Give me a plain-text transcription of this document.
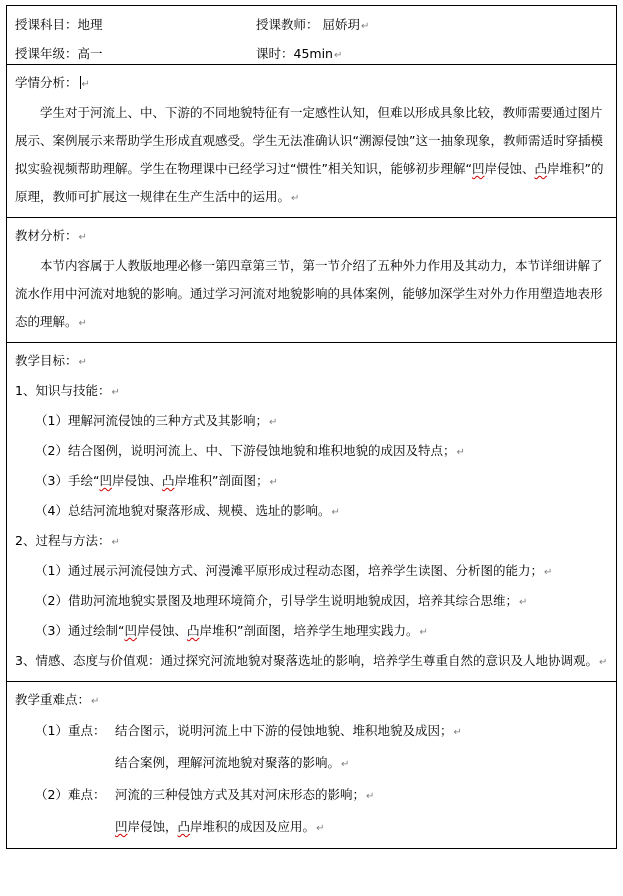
授课科目：地理	授课教师： 屈娇玥↵
授课年级：高一	课时：45min↵

学情分析： ↵

学生对于河流上、中、下游的不同地貌特征有一定感性认知，但难以形成具象比较，教师需要通过图片展示、案例展示来帮助学生形成直观感受。学生无法准确认识“溯源侵蚀”这一抽象现象，教师需适时穿插模拟实验视频帮助理解。学生在物理课中已经学习过“惯性”相关知识，能够初步理解“凹岸侵蚀、凸岸堆积”的原理，教师可扩展这一规律在生产生活中的运用。↵

教材分析：↵

本节内容属于人教版地理必修一第四章第三节，第一节介绍了五种外力作用及其动力，本节详细讲解了流水作用中河流对地貌的影响。通过学习河流对地貌影响的具体案例，能够加深学生对外力作用塑造地表形态的理解。↵

教学目标：↵

1、知识与技能：↵

（1）理解河流侵蚀的三种方式及其影响；↵

（2）结合图例，说明河流上、中、下游侵蚀地貌和堆积地貌的成因及特点；↵

（3）手绘“凹岸侵蚀、凸岸堆积”剖面图；↵

（4）总结河流地貌对聚落形成、规模、选址的影响。↵

2、过程与方法：↵

（1）通过展示河流侵蚀方式、河漫滩平原形成过程动态图，培养学生读图、分析图的能力；↵

（2）借助河流地貌实景图及地理环境简介，引导学生说明地貌成因，培养其综合思维；↵

（3）通过绘制“凹岸侵蚀、凸岸堆积”剖面图，培养学生地理实践力。↵

3、情感、态度与价值观：通过探究河流地貌对聚落选址的影响，培养学生尊重自然的意识及人地协调观。↵

教学重难点：↵

（1）重点： 结合图示，说明河流上中下游的侵蚀地貌、堆积地貌及成因；↵
结合案例，理解河流地貌对聚落的影响。↵
（2）难点： 河流的三种侵蚀方式及其对河床形态的影响；↵
凹岸侵蚀，凸岸堆积的成因及应用。↵
